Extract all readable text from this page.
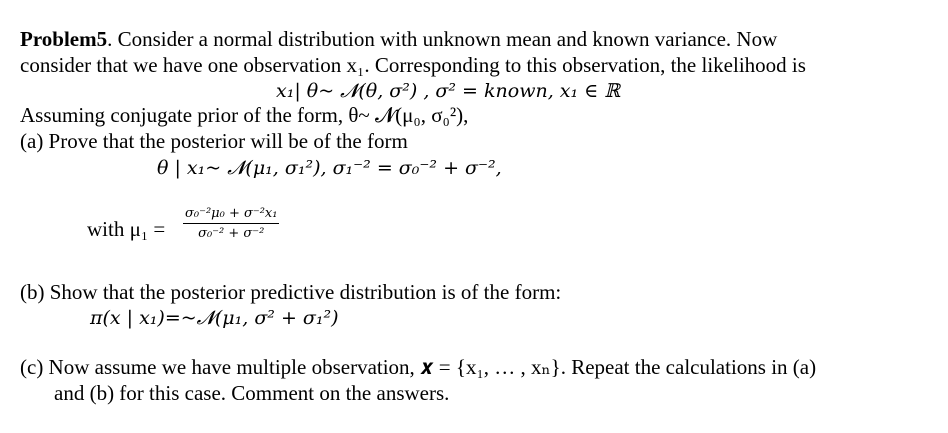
Problem5. Consider a normal distribution with unknown mean and known variance. Now
consider that we have one observation x₁. Corresponding to this observation, the likelihood is
x₁| θ~ 𝓝(θ, σ²) , σ² = known, x₁ ∈ ℝ
Assuming conjugate prior of the form, θ~ 𝓝(μ₀, σ₀²),
(a) Prove that the posterior will be of the form
θ | x₁~ 𝓝(μ₁, σ₁²), σ₁⁻² = σ₀⁻² + σ⁻²,
with $\mu_1 = \frac{\text{σ₀⁻²μ₀ + σ⁻²x₁}}{\text{σ₀⁻² + σ⁻²}}$
(b) Show that the posterior predictive distribution is of the form:
π(x | x₁)=~𝓝(μ₁, σ² + σ₁²)
(c) Now assume we have multiple observation, 𝒙 = {x₁, … , xₙ}. Repeat the calculations in (a)
and (b) for this case. Comment on the answers.
